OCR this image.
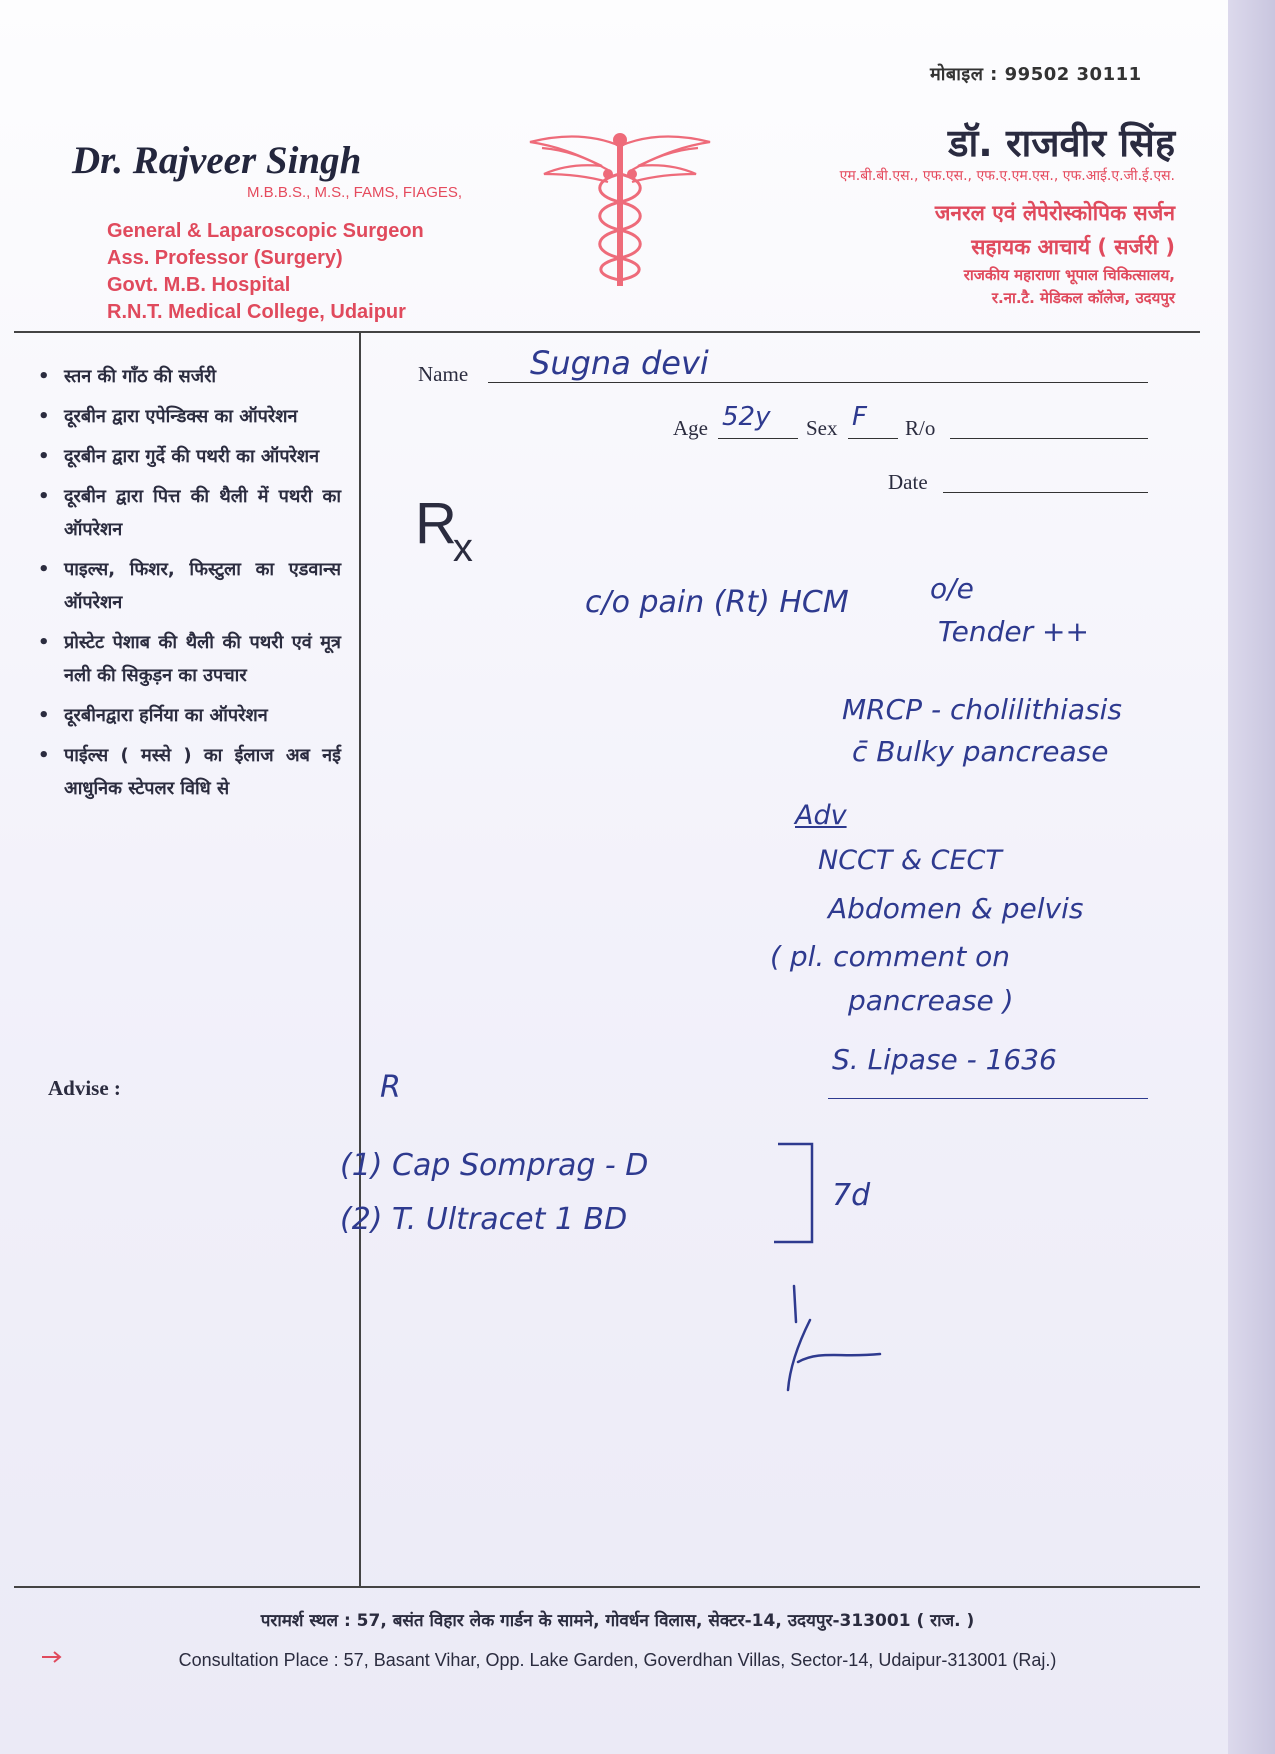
मोबाइल : 99502 30111
Dr. Rajveer Singh
M.B.B.S., M.S., FAMS, FIAGES,
General & Laparoscopic Surgeon
Ass. Professor (Surgery)
Govt. M.B. Hospital
R.N.T. Medical College, Udaipur
डॉ. राजवीर सिंह
एम.बी.बी.एस., एफ.एस., एफ.ए.एम.एस., एफ.आई.ए.जी.ई.एस.
जनरल एवं लेपेरोस्कोपिक सर्जन
सहायक आचार्य ( सर्जरी )
राजकीय महाराणा भूपाल चिकित्सालय,
र.ना.टै. मेडिकल कॉलेज, उदयपुर
• स्तन की गाँठ की सर्जरी
• दूरबीन द्वारा एपेन्डिक्स का ऑपरेशन
• दूरबीन द्वारा गुर्दे की पथरी का ऑपरेशन
• दूरबीन द्वारा पित्त की थैली में पथरी का ऑपरेशन
• पाइल्स, फिशर, फिस्टुला का एडवान्स ऑपरेशन
• प्रोस्टेट पेशाब की थैली की पथरी एवं मूत्र नली की सिकुड़न का उपचार
• दूरबीनद्वारा हर्निया का ऑपरेशन
• पाईल्स ( मस्से ) का ईलाज अब नई आधुनिक स्टेपलर विधि से
Advise :
Name Sugna devi
Age 52y Sex F R/o
Date
$R_x$
c/o pain (Rt) HCM	o/e
Tender ++
MRCP - cholilithiasis
c̄ Bulky pancrease
Adv
NCCT & CECT
Abdomen & pelvis
( pl. comment on
pancrease )
S. Lipase - 1636
R
(1) Cap Somprag - D
(2) T. Ultracet 1 BD
7d
परामर्श स्थल : 57, बसंत विहार लेक गार्डन के सामने, गोवर्धन विलास, सेक्टर-14, उदयपुर-313001 ( राज. )
Consultation Place : 57, Basant Vihar, Opp. Lake Garden, Goverdhan Villas, Sector-14, Udaipur-313001 (Raj.)
